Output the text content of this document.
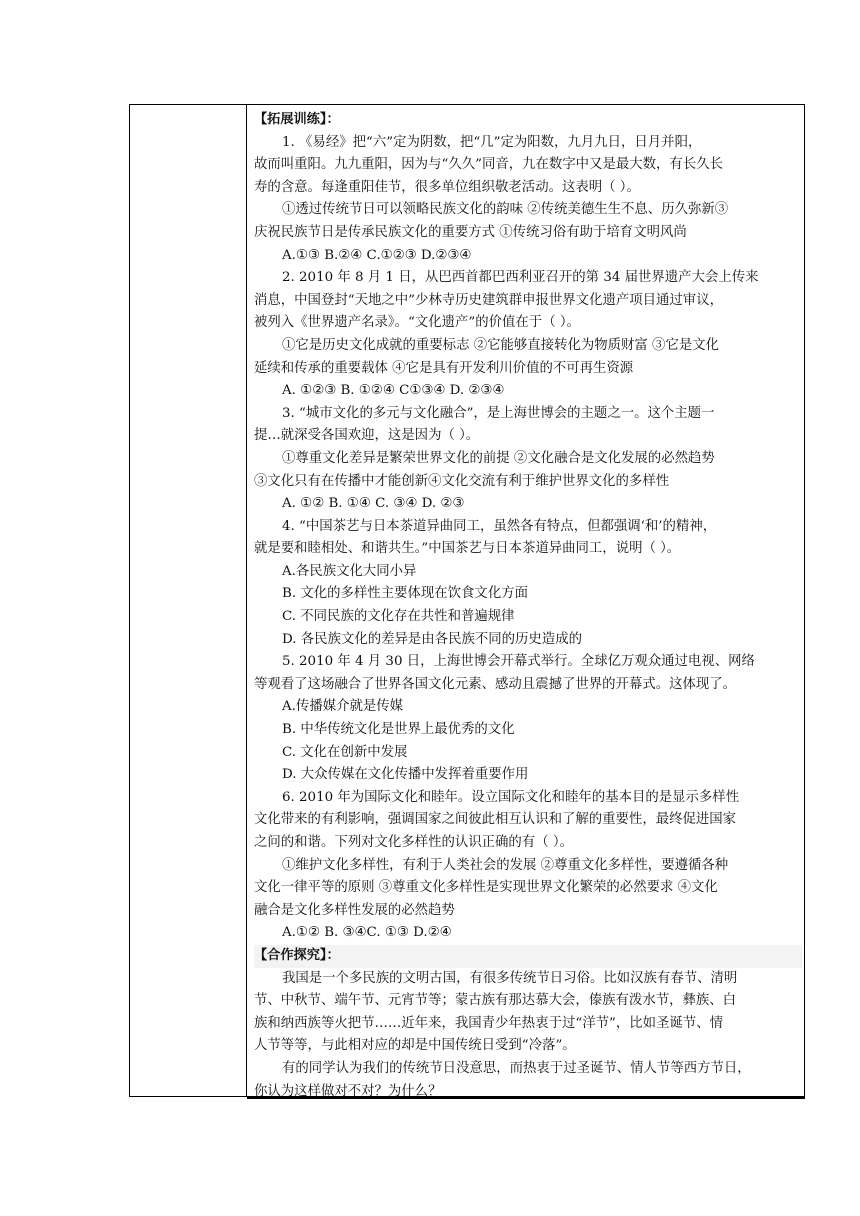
【拓展训练】：
1. 《易经》把“六”定为阴数，把“几”定为阳数，九月九日，日月并阳，
故而叫重阳。九九重阳，因为与“久久”同音，九在数字中又是最大数，有长久长
寿的含意。每逢重阳佳节，很多单位组织敬老活动。这表明（ ）。
①透过传统节日可以领略民族文化的韵味 ②传统美德生生不息、历久弥新③
庆祝民族节日是传承民族文化的重要方式 ①传统习俗有助于培育文明风尚
A.①③ B.②④ C.①②③ D.②③④
2. 2010 年 8 月 1 日，从巴西首都巴西利亚召开的第 34 届世界遗产大会上传来
消息，中国登封“天地之中”少林寺历史建筑群申报世界文化遗产项目通过审议，
被列入《世界遗产名录》。“文化遗产”的价值在于（ ）。
①它是历史文化成就的重要标志 ②它能够直接转化为物质财富 ③它是文化
延续和传承的重要载体 ④它是具有开发利川价值的不可再生资源
A. ①②③ B. ①②④ C①③④ D. ②③④
3. “城市文化的多元与文化融合”，是上海世博会的主题之一。这个主题一
提…就深受各国欢迎，这是因为（ ）。
①尊重文化差异是繁荣世界文化的前提 ②文化融合是文化发展的必然趋势
③文化只有在传播中才能创新④文化交流有利于维护世界文化的多样性
A. ①② B. ①④ C. ③④ D. ②③
4. “中国茶艺与日本茶道异曲同工，虽然各有特点，但都强调‘和’的精神，
就是要和睦相处、和谐共生。”中国茶艺与日本茶道异曲同工，说明（ ）。
A.各民族文化大同小异
B. 文化的多样性主要体现在饮食文化方面
C. 不同民族的文化存在共性和普遍规律
D. 各民族文化的差异是由各民族不同的历史造成的
5. 2010 年 4 月 30 日，上海世博会开幕式举行。全球亿万观众通过电视、网络
等观看了这场融合了世界各国文化元素、感动且震撼了世界的开幕式。这体现了。
A.传播媒介就是传媒
B. 中华传统文化是世界上最优秀的文化
C. 文化在创新中发展
D. 大众传媒在文化传播中发挥着重要作用
6. 2010 年为国际文化和睦年。设立国际文化和睦年的基本目的是显示多样性
文化带来的有利影响，强调国家之间彼此相互认识和了解的重要性，最终促进国家
之问的和谐。下列对文化多样性的认识正确的有（ ）。
①维护文化多样性，有利于人类社会的发展 ②尊重文化多样性，要遵循各种
文化一律平等的原则 ③尊重文化多样性是实现世界文化繁荣的必然要求 ④文化
融合是文化多样性发展的必然趋势
A.①② B. ③④C. ①③ D.②④
【合作探究】：
我国是一个多民族的文明古国，有很多传统节日习俗。比如汉族有春节、清明
节、中秋节、端午节、元宵节等；蒙古族有那达慕大会，傣族有泼水节，彝族、白
族和纳西族等火把节……近年来，我国青少年热衷于过“洋节”，比如圣诞节、情
人节等等，与此相对应的却是中国传统日受到“冷落”。
有的同学认为我们的传统节日没意思，而热衷于过圣诞节、情人节等西方节日，
你认为这样做对不对？为什么？
